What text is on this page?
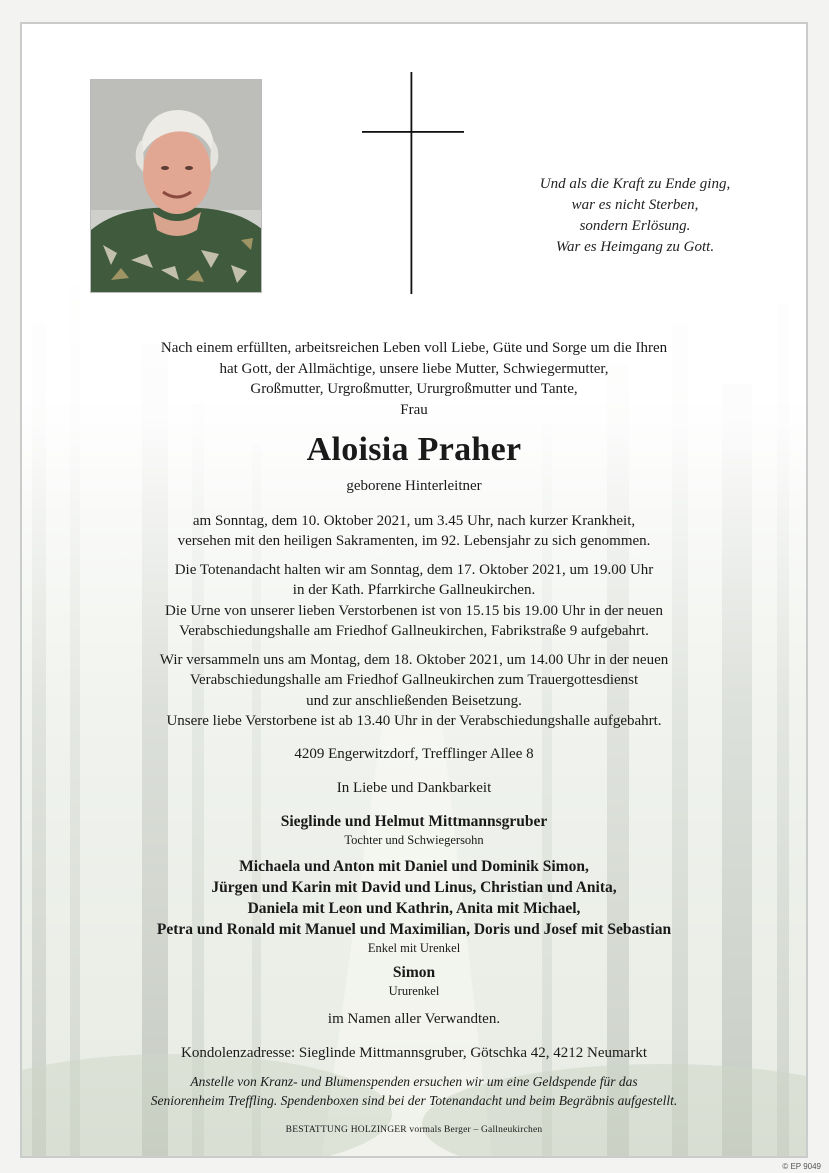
Und als die Kraft zu Ende ging,
war es nicht Sterben,
sondern Erlösung.
War es Heimgang zu Gott.
Nach einem erfüllten, arbeitsreichen Leben voll Liebe, Güte und Sorge um die Ihren
hat Gott, der Allmächtige, unsere liebe Mutter, Schwiegermutter,
Großmutter, Urgroßmutter, Ururgroßmutter und Tante,
Frau
Aloisia Praher
geborene Hinterleitner
am Sonntag, dem 10. Oktober 2021, um 3.45 Uhr, nach kurzer Krankheit,
versehen mit den heiligen Sakramenten, im 92. Lebensjahr zu sich genommen.
Die Totenandacht halten wir am Sonntag, dem 17. Oktober 2021, um 19.00 Uhr
in der Kath. Pfarrkirche Gallneukirchen.
Die Urne von unserer lieben Verstorbenen ist von 15.15 bis 19.00 Uhr in der neuen
Verabschiedungshalle am Friedhof Gallneukirchen, Fabrikstraße 9 aufgebahrt.
Wir versammeln uns am Montag, dem 18. Oktober 2021, um 14.00 Uhr in der neuen
Verabschiedungshalle am Friedhof Gallneukirchen zum Trauergottesdienst
und zur anschließenden Beisetzung.
Unsere liebe Verstorbene ist ab 13.40 Uhr in der Verabschiedungshalle aufgebahrt.
4209 Engerwitzdorf, Trefflinger Allee 8
In Liebe und Dankbarkeit
Sieglinde und Helmut Mittmannsgruber
Tochter und Schwiegersohn
Michaela und Anton mit Daniel und Dominik Simon,
Jürgen und Karin mit David und Linus, Christian und Anita,
Daniela mit Leon und Kathrin, Anita mit Michael,
Petra und Ronald mit Manuel und Maximilian, Doris und Josef mit Sebastian
Enkel mit Urenkel
Simon
Ururenkel
im Namen aller Verwandten.
Kondolenzadresse: Sieglinde Mittmannsgruber, Götschka 42, 4212 Neumarkt
Anstelle von Kranz- und Blumenspenden ersuchen wir um eine Geldspende für das
Seniorenheim Treffling. Spendenboxen sind bei der Totenandacht und beim Begräbnis aufgestellt.
BESTATTUNG HOLZINGER vormals Berger – Gallneukirchen
© EP 9049
